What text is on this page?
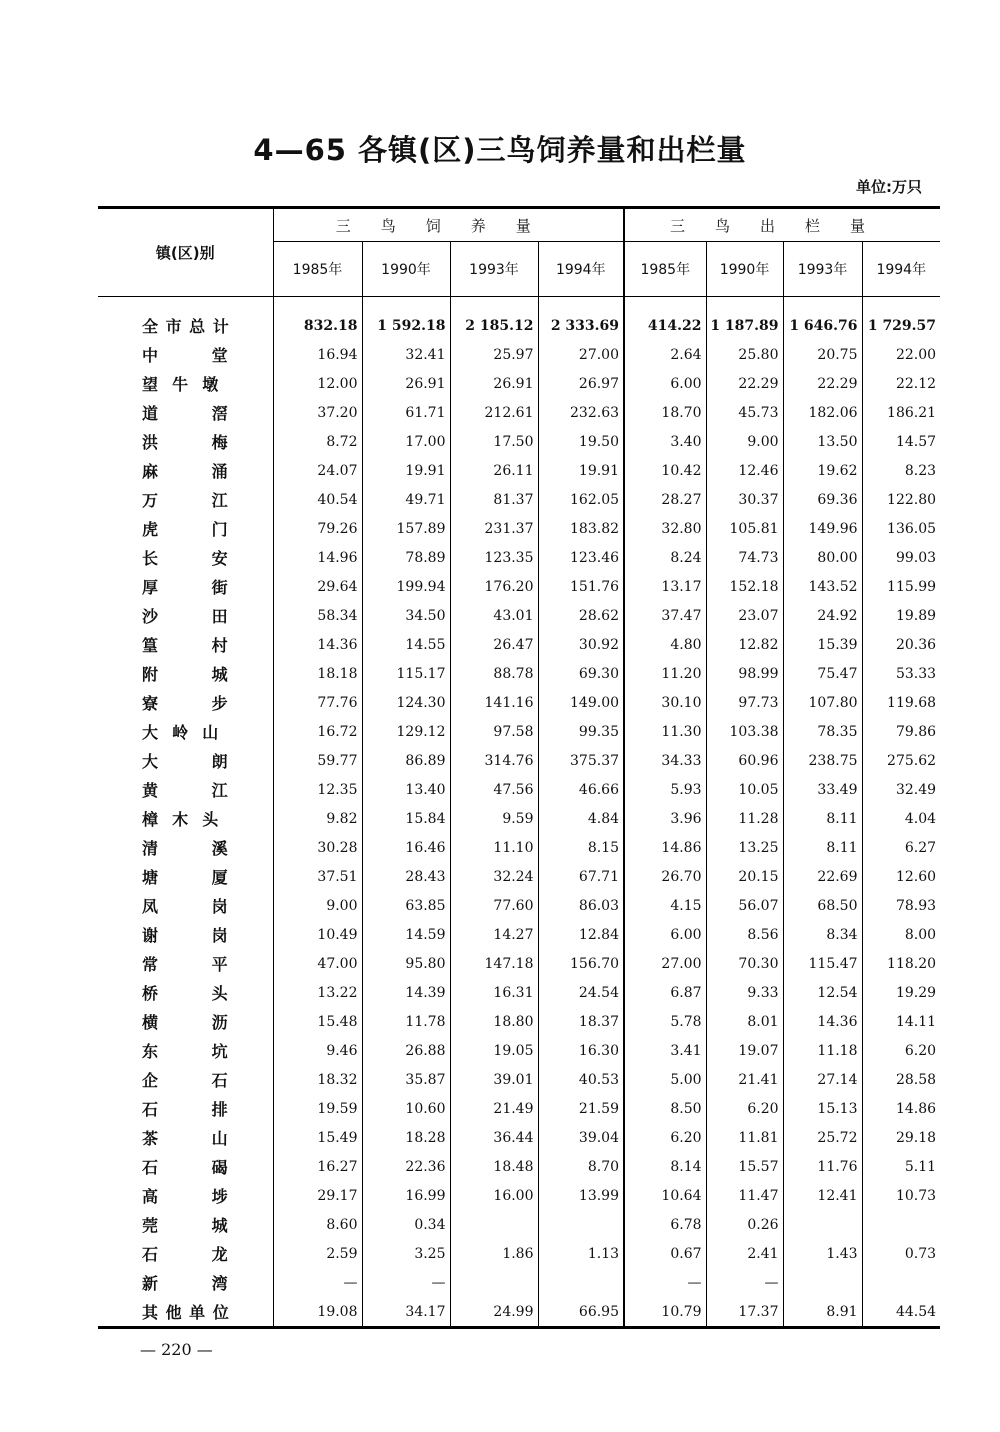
4—65 各镇(区)三鸟饲养量和出栏量
单位:万只
镇(区)别	三鸟饲养量				三鸟出栏量			
	1985年	1990年	1993年	1994年	1985年	1990年	1993年	1994年
全 市 总 计	832.18	1 592.18	2 185.12	2 333.69	414.22	1 187.89	1 646.76	1 729.57
中        堂	16.94	32.41	25.97	27.00	2.64	25.80	20.75	22.00
望  牛  墩	12.00	26.91	26.91	26.97	6.00	22.29	22.29	22.12
道        滘	37.20	61.71	212.61	232.63	18.70	45.73	182.06	186.21
洪        梅	8.72	17.00	17.50	19.50	3.40	9.00	13.50	14.57
麻        涌	24.07	19.91	26.11	19.91	10.42	12.46	19.62	8.23
万        江	40.54	49.71	81.37	162.05	28.27	30.37	69.36	122.80
虎        门	79.26	157.89	231.37	183.82	32.80	105.81	149.96	136.05
长        安	14.96	78.89	123.35	123.46	8.24	74.73	80.00	99.03
厚        街	29.64	199.94	176.20	151.76	13.17	152.18	143.52	115.99
沙        田	58.34	34.50	43.01	28.62	37.47	23.07	24.92	19.89
篁        村	14.36	14.55	26.47	30.92	4.80	12.82	15.39	20.36
附        城	18.18	115.17	88.78	69.30	11.20	98.99	75.47	53.33
寮        步	77.76	124.30	141.16	149.00	30.10	97.73	107.80	119.68
大  岭  山	16.72	129.12	97.58	99.35	11.30	103.38	78.35	79.86
大        朗	59.77	86.89	314.76	375.37	34.33	60.96	238.75	275.62
黄        江	12.35	13.40	47.56	46.66	5.93	10.05	33.49	32.49
樟  木  头	9.82	15.84	9.59	4.84	3.96	11.28	8.11	4.04
清        溪	30.28	16.46	11.10	8.15	14.86	13.25	8.11	6.27
塘        厦	37.51	28.43	32.24	67.71	26.70	20.15	22.69	12.60
凤        岗	9.00	63.85	77.60	86.03	4.15	56.07	68.50	78.93
谢        岗	10.49	14.59	14.27	12.84	6.00	8.56	8.34	8.00
常        平	47.00	95.80	147.18	156.70	27.00	70.30	115.47	118.20
桥        头	13.22	14.39	16.31	24.54	6.87	9.33	12.54	19.29
横        沥	15.48	11.78	18.80	18.37	5.78	8.01	14.36	14.11
东        坑	9.46	26.88	19.05	16.30	3.41	19.07	11.18	6.20
企        石	18.32	35.87	39.01	40.53	5.00	21.41	27.14	28.58
石        排	19.59	10.60	21.49	21.59	8.50	6.20	15.13	14.86
茶        山	15.49	18.28	36.44	39.04	6.20	11.81	25.72	29.18
石        碣	16.27	22.36	18.48	8.70	8.14	15.57	11.76	5.11
高        埗	29.17	16.99	16.00	13.99	10.64	11.47	12.41	10.73
莞        城	8.60	0.34			6.78	0.26		
石        龙	2.59	3.25	1.86	1.13	0.67	2.41	1.43	0.73
新        湾	—	—			—	—		
其 他 单 位	19.08	34.17	24.99	66.95	10.79	17.37	8.91	44.54
— 220 —
